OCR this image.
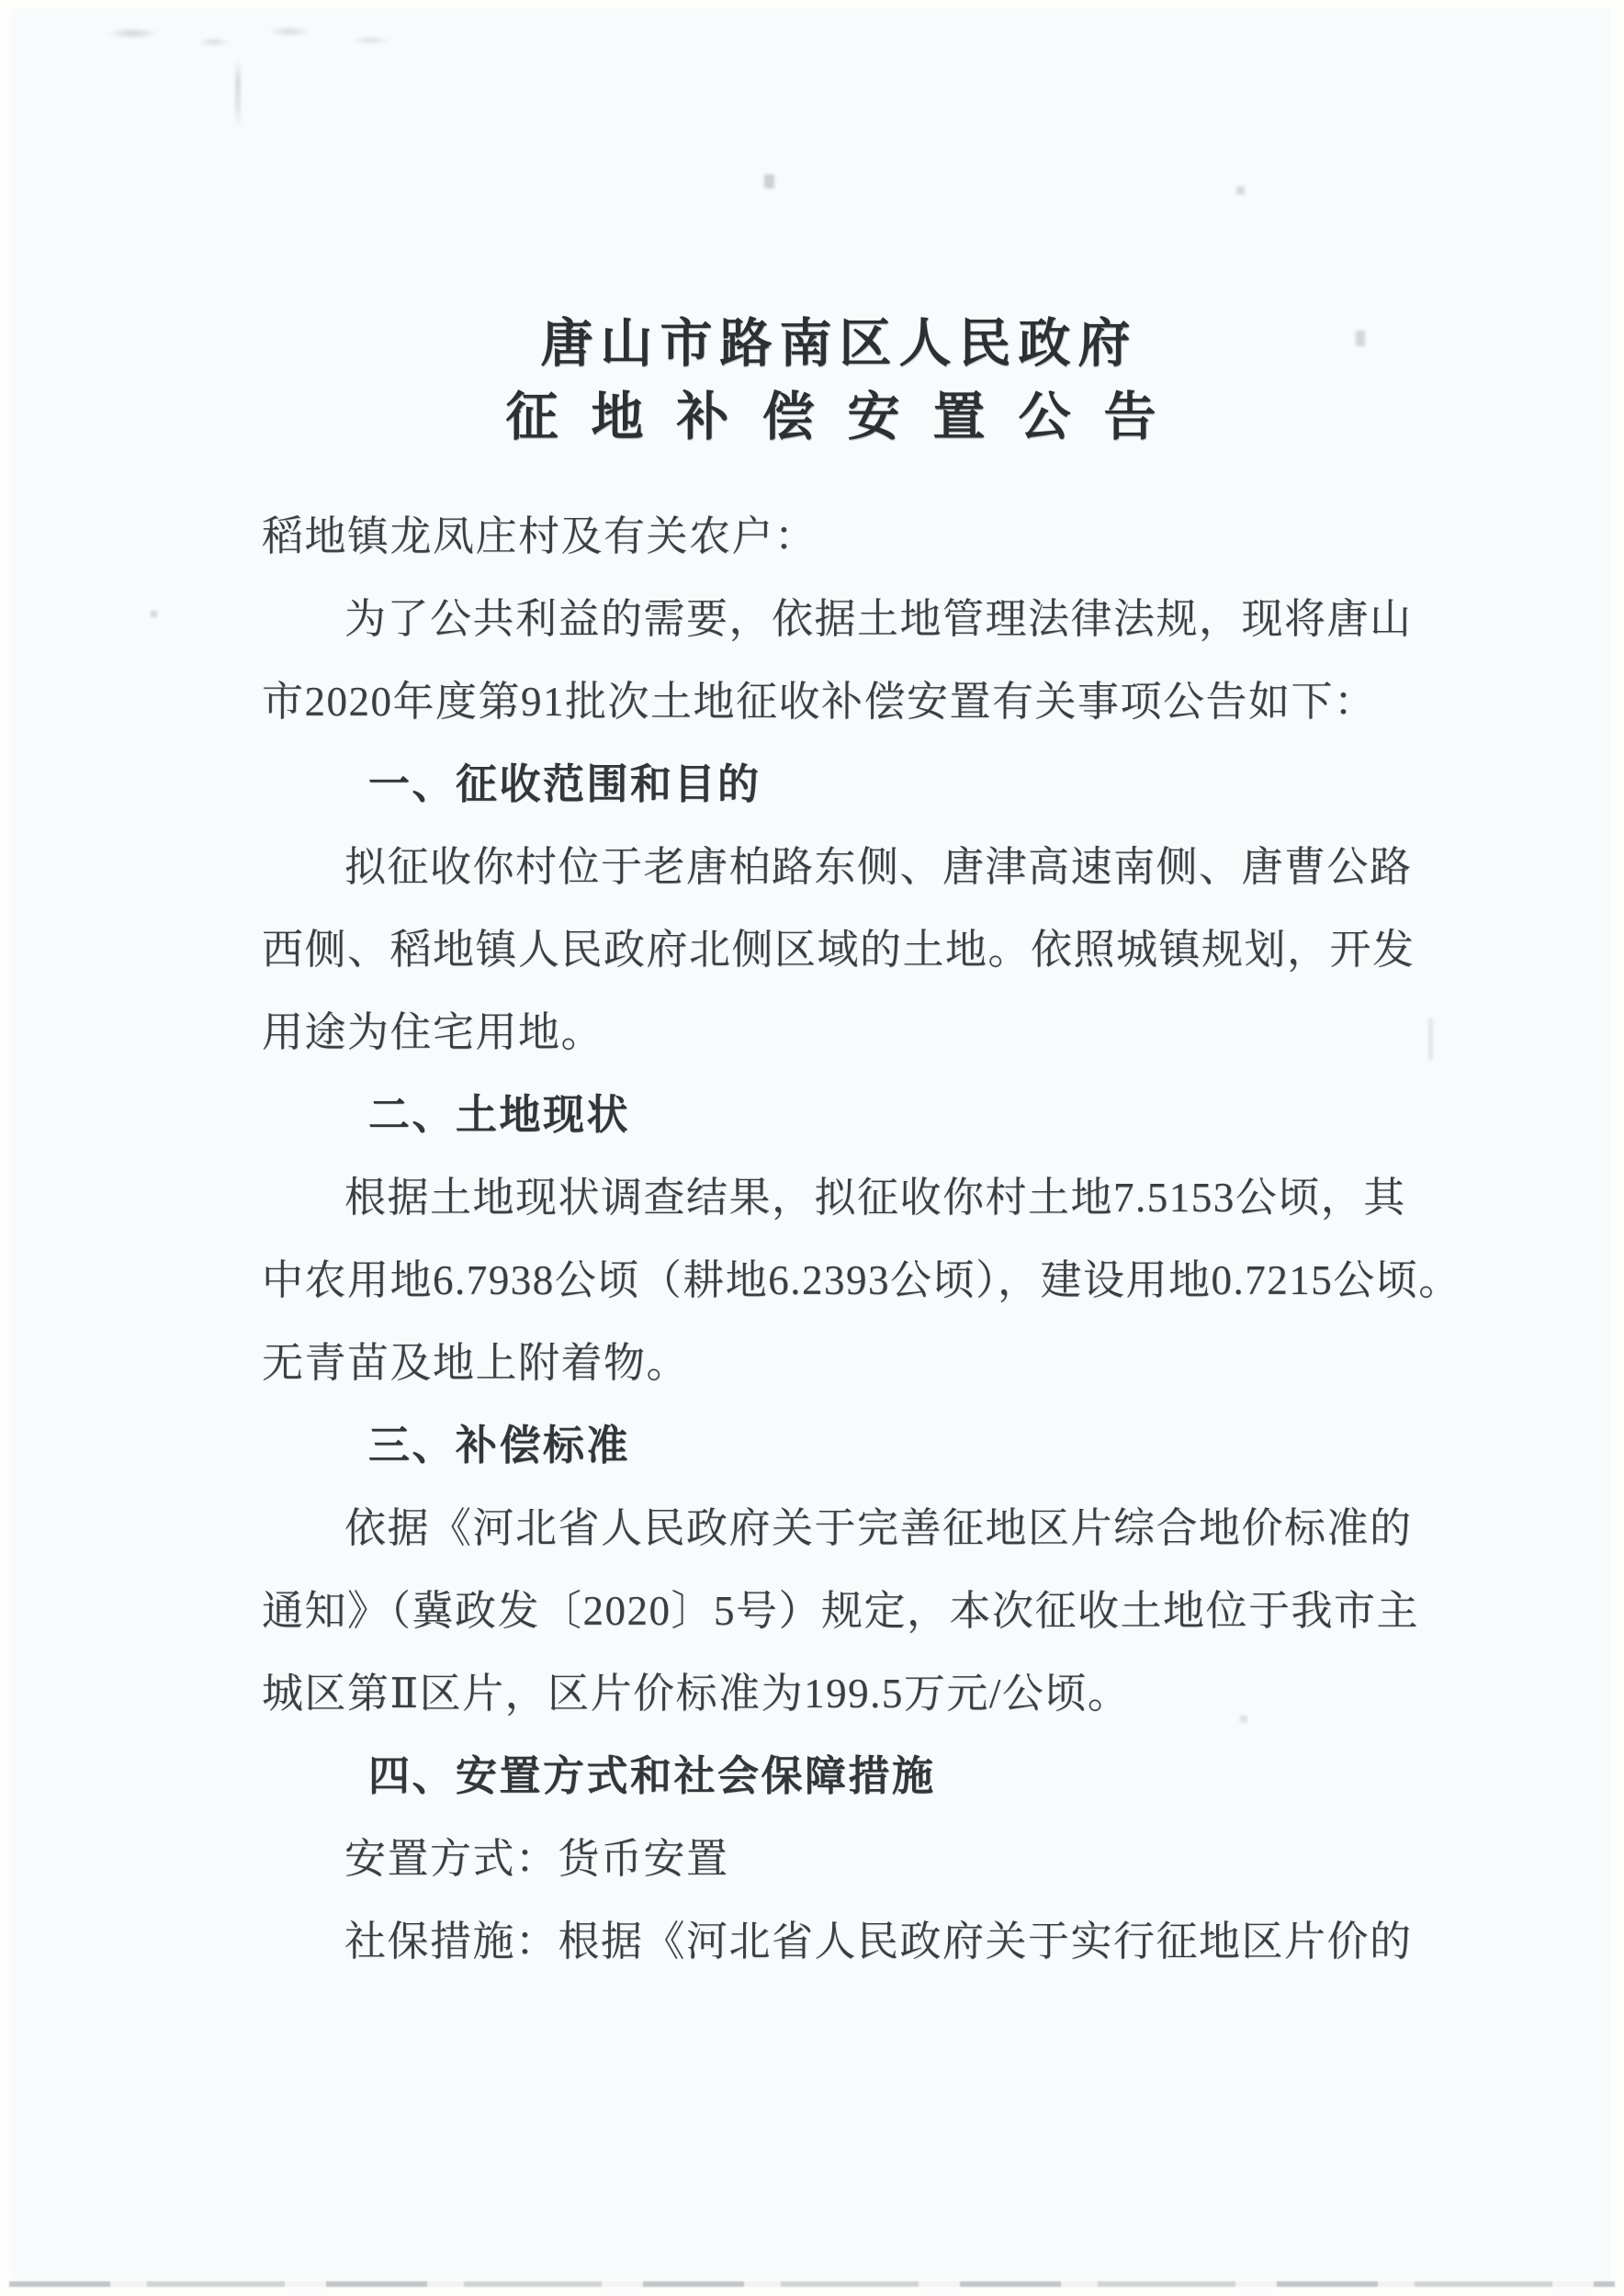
唐山市路南区人民政府
征地补偿安置公告
稻地镇龙凤庄村及有关农户：
为了公共利益的需要，依据土地管理法律法规，现将唐山
市2020年度第91批次土地征收补偿安置有关事项公告如下：
一、征收范围和目的
拟征收你村位于老唐柏路东侧、唐津高速南侧、唐曹公路
西侧、稻地镇人民政府北侧区域的土地。依照城镇规划，开发
用途为住宅用地。
二、土地现状
根据土地现状调查结果，拟征收你村土地7.5153公顷，其
中农用地6.7938公顷（耕地6.2393公顷），建设用地0.7215公顷。
无青苗及地上附着物。
三、补偿标准
依据《河北省人民政府关于完善征地区片综合地价标准的
通知》（冀政发〔2020〕5号）规定，本次征收土地位于我市主
城区第Ⅱ区片，区片价标准为199.5万元/公顷。
四、安置方式和社会保障措施
安置方式：货币安置
社保措施：根据《河北省人民政府关于实行征地区片价的
